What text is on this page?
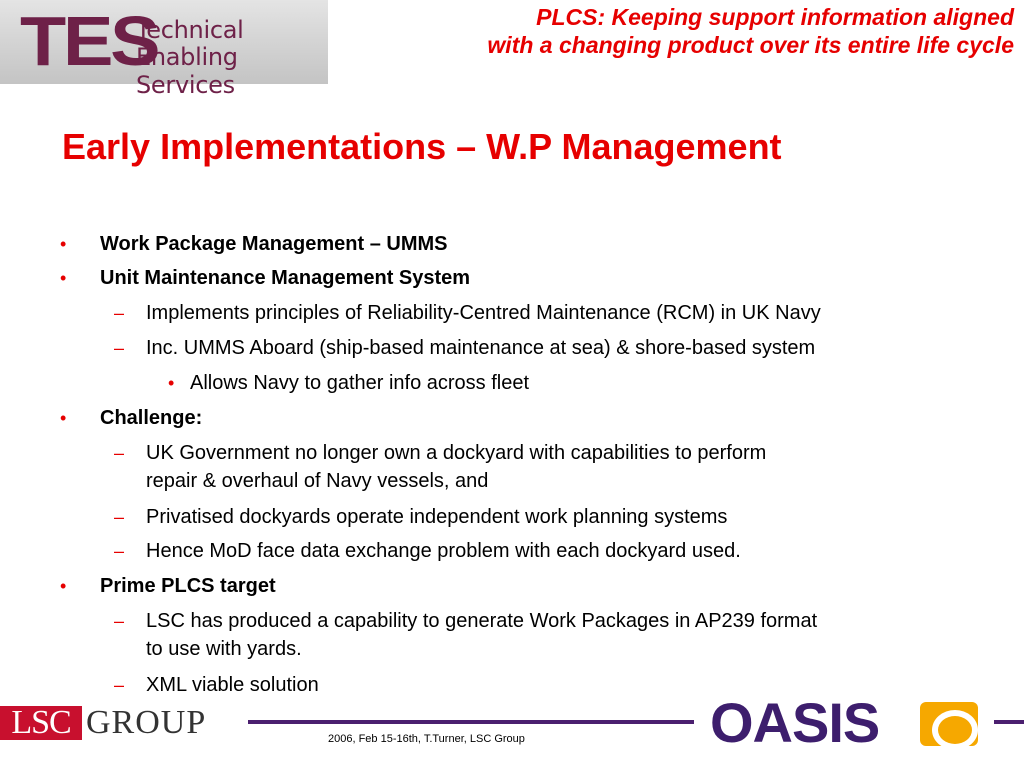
TES
Technical
Enabling Services
PLCS: Keeping support information aligned
with a changing product over its entire life cycle
Early Implementations – W.P Management
• Work Package Management – UMMS
• Unit Maintenance Management System
– Implements principles of Reliability-Centred Maintenance (RCM) in UK Navy
– Inc. UMMS Aboard (ship-based maintenance at sea) & shore-based system
• Allows Navy to gather info across fleet
• Challenge:
– UK Government no longer own a dockyard with capabilities to perform
repair & overhaul of Navy vessels, and
– Privatised dockyards operate independent work planning systems
– Hence MoD face data exchange problem with each dockyard used.
• Prime PLCS target
– LSC has produced a capability to generate Work Packages in AP239 format
to use with yards.
– XML viable solution
LSC GROUP	OASIS
2006, Feb 15-16th, T.Turner, LSC Group
